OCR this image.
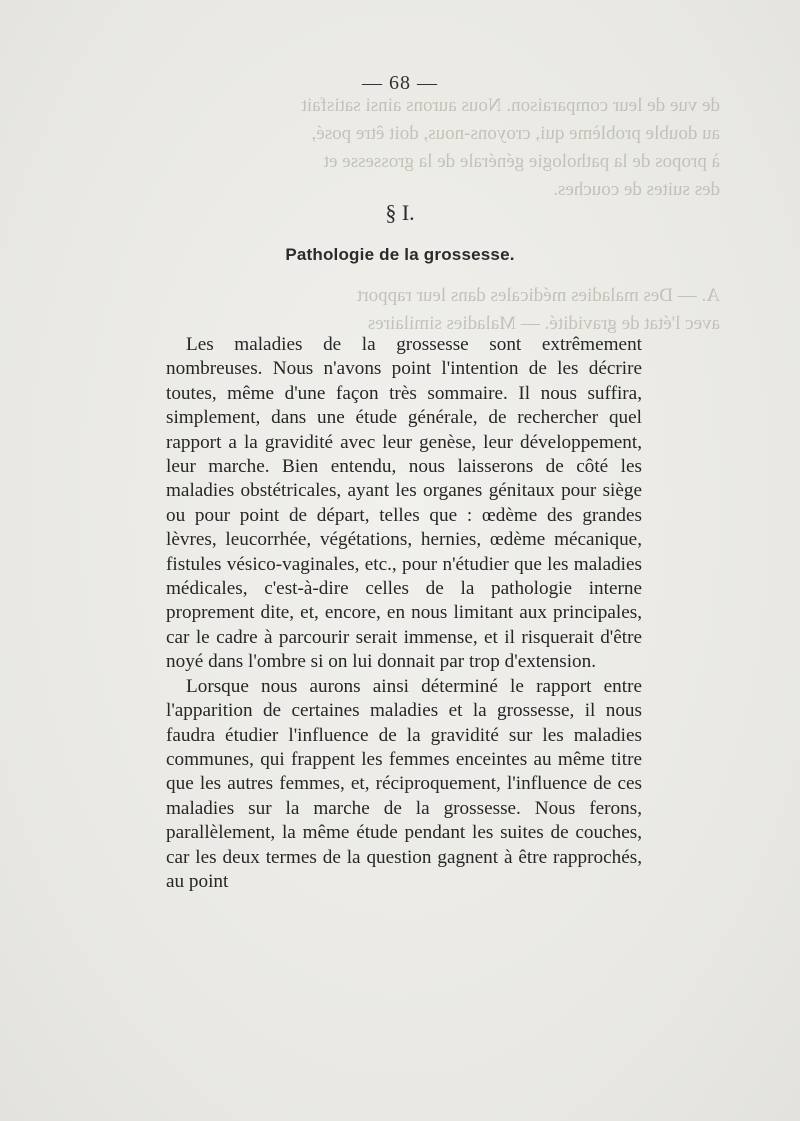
de vue de leur comparaison. Nous aurons ainsi satisfait
au double problème qui, croyons-nous, doit être posé,
à propos de la pathologie générale de la grossesse et
des suites de couches.
A. — Des maladies médicales dans leur rapport
avec l'état de gravidité. — Maladies similaires
— 68 —
§ I.
Pathologie de la grossesse.

Les maladies de la grossesse sont extrêmement nombreuses. Nous n'avons point l'intention de les décrire toutes, même d'une façon très sommaire. Il nous suffira, simplement, dans une étude générale, de rechercher quel rapport a la gravidité avec leur genèse, leur développement, leur marche. Bien entendu, nous laisserons de côté les maladies obstétricales, ayant les organes génitaux pour siège ou pour point de départ, telles que : œdème des grandes lèvres, leucorrhée, végétations, hernies, œdème mécanique, fistules vésico-vaginales, etc., pour n'étudier que les maladies médicales, c'est-à-dire celles de la pathologie interne proprement dite, et, encore, en nous limitant aux principales, car le cadre à parcourir serait immense, et il risquerait d'être noyé dans l'ombre si on lui donnait par trop d'extension.

Lorsque nous aurons ainsi déterminé le rapport entre l'apparition de certaines maladies et la grossesse, il nous faudra étudier l'influence de la gravidité sur les maladies communes, qui frappent les femmes enceintes au même titre que les autres femmes, et, réciproquement, l'influence de ces maladies sur la marche de la grossesse. Nous ferons, parallèlement, la même étude pendant les suites de couches, car les deux termes de la question gagnent à être rapprochés, au point
